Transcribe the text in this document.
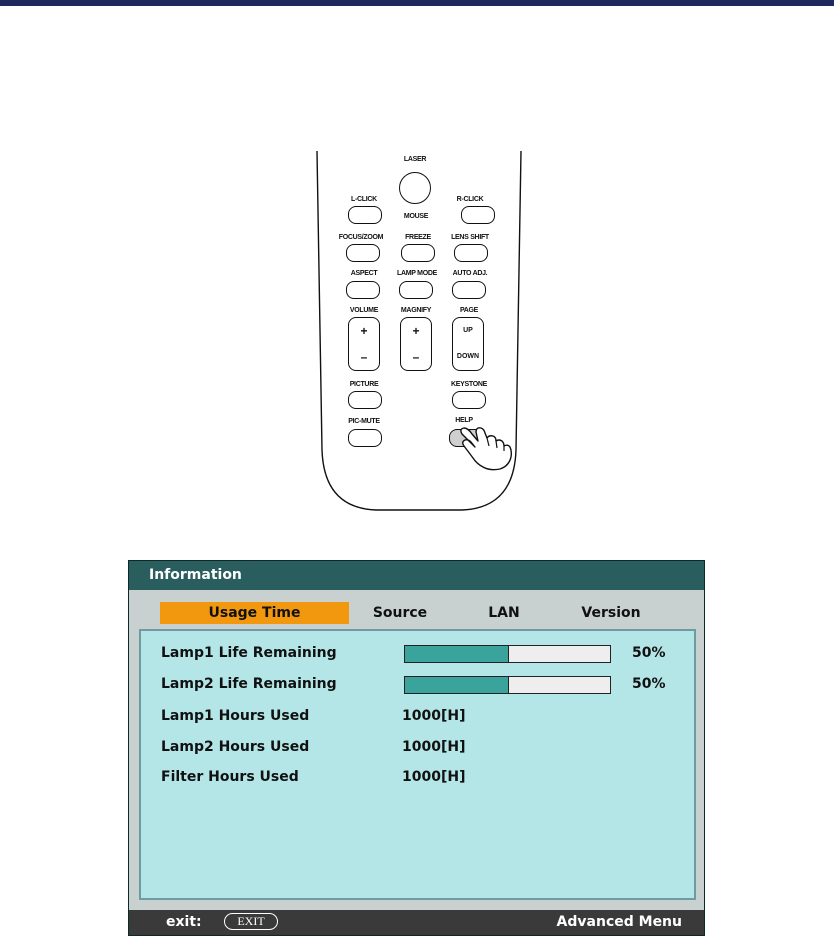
LASER
L-CLICK
MOUSE
R-CLICK
FOCUS/ZOOM	FREEZE	LENS SHIFT
ASPECT	LAMP MODE AUTO ADJ.
VOLUME
+
–
MAGNIFY
+
–
PAGE
UP
DOWN
PICTURE	KEYSTONE
HELP
PIC-MUTE
Information
Usage Time	Source	LAN	Version
Lamp1 Life Remaining	50%
Lamp2 Life Remaining	50%
Lamp1 Hours Used	1000[H]
Lamp2 Hours Used	1000[H]
Filter Hours Used	1000[H]
exit:	EXIT	Advanced Menu
